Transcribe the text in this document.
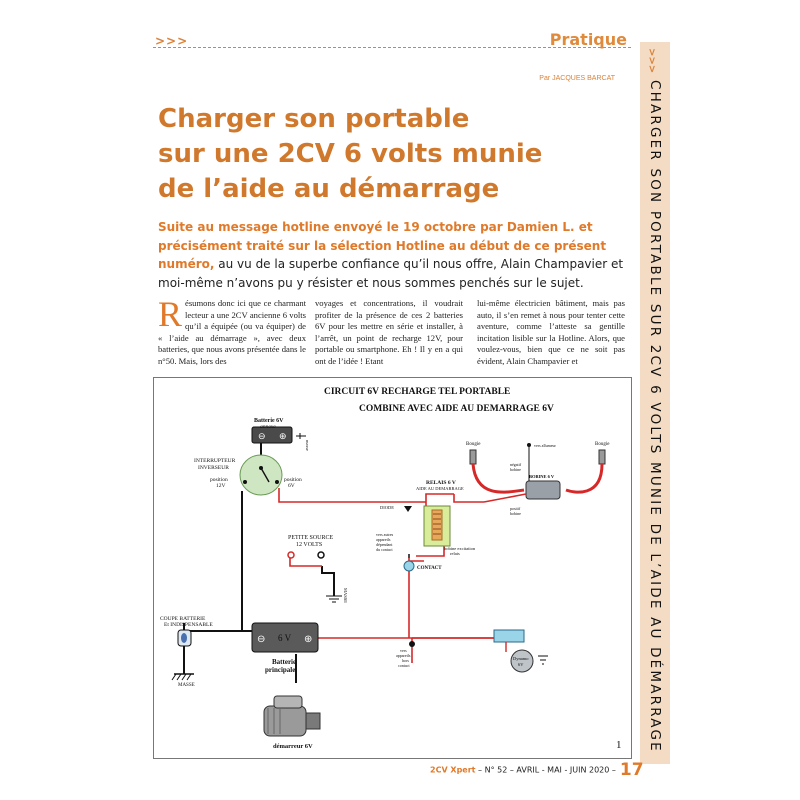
>>>	Pratique
Par JACQUES BARCAT
>>>
CHARGER SON PORTABLE SUR 2CV 6 VOLTS MUNIE DE L’AIDE AU DÉMARRAGE
Charger son portable
sur une 2CV 6 volts munie
de l’aide au démarrage
Suite au message hotline envoyé le 19 octobre par Damien L. et précisément traité sur la sélection Hotline au début de ce présent numéro, au vu de la superbe confiance qu’il nous offre, Alain Champavier et moi-même n’avons pu y résister et nous sommes penchés sur le sujet.
Résumons donc ici que ce charmant lecteur a une 2CV ancienne 6 volts qu’il a équipée (ou va équiper) de « l’aide au démarrage », avec deux batteries, que nous avons présentée dans le n°50. Mais, lors des
voyages et concentrations, il voudrait profiter de la présence de ces 2 batteries 6V pour les mettre en série et installer, à l’arrêt, un point de recharge 12V, pour portable ou smartphone. Eh ! Il y en a qui ont de l’idée ! Etant
lui-même électricien bâtiment, mais pas auto, il s’en remet à nous pour tenter cette aventure, comme l’atteste sa gentille incitation lisible sur la Hotline. Alors, que voulez-vous, bien que ce ne soit pas évident, Alain Champavier et
CIRCUIT 6V RECHARGE TEL PORTABLE
COMBINE AVEC AIDE AU DEMARRAGE 6V
⊖ ⊕
Batterie 6V
annexe
masse
INTERRUPTEUR
INVERSEUR
position
12V
position
6V
PETITE SOURCE
12 VOLTS
MASSE
COUPE BATTERIE
Et INDISPENSABLE
MASSE
⊖	⊕
6 V
Batterie
principale
démarreur 6V
RELAIS 6 V
AIDE AU DEMARRAGE
bobine excitation
relais
DIODE
CONTACT
vers autres
appareils
dépendant
du contact
vers
appareils
hors
contact
Bougie	Bougie
BOBINE 6 V
vers allumeur
négatif
bobine
positif
bobine
Dynamo
6V
1
2CV Xpert – N° 52 – AVRIL - MAI - JUIN 2020 – 17
